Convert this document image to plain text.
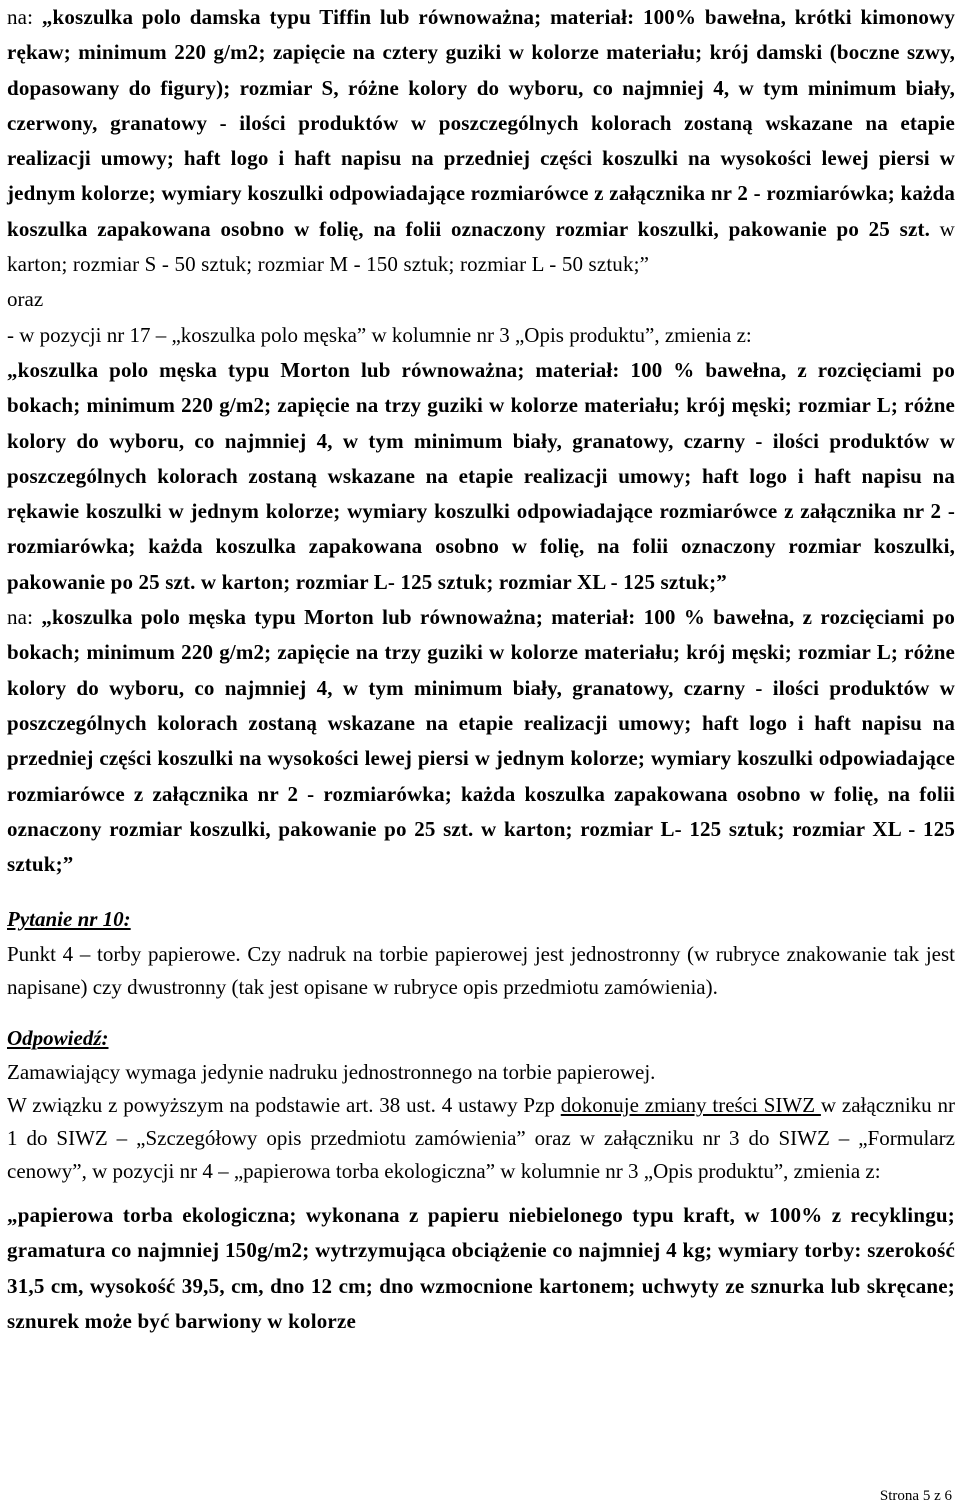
na: „koszulka polo damska typu Tiffin lub równoważna; materiał: 100% bawełna, krótki kimonowy rękaw; minimum 220 g/m2; zapięcie na cztery guziki w kolorze materiału; krój damski (boczne szwy, dopasowany do figury); rozmiar S, różne kolory do wyboru, co najmniej 4, w tym minimum biały, czerwony, granatowy - ilości produktów w poszczególnych kolorach zostaną wskazane na etapie realizacji umowy; haft logo i haft napisu na przedniej części koszulki na wysokości lewej piersi w jednym kolorze; wymiary koszulki odpowiadające rozmiarówce z załącznika nr 2 - rozmiarówka; każda koszulka zapakowana osobno w folię, na folii oznaczony rozmiar koszulki, pakowanie po 25 szt. w karton; rozmiar S - 50 sztuk; rozmiar M - 150 sztuk; rozmiar L - 50 sztuk;”

oraz

- w pozycji nr 17 – „koszulka polo męska” w kolumnie nr 3 „Opis produktu”, zmienia z:

„koszulka polo męska typu Morton lub równoważna; materiał: 100 % bawełna, z rozcięciami po bokach; minimum 220 g/m2; zapięcie na trzy guziki w kolorze materiału; krój męski; rozmiar L; różne kolory do wyboru, co najmniej 4, w tym minimum biały, granatowy, czarny - ilości produktów w poszczególnych kolorach zostaną wskazane na etapie realizacji umowy; haft logo i haft napisu na rękawie koszulki w jednym kolorze; wymiary koszulki odpowiadające rozmiarówce z załącznika nr 2 - rozmiarówka; każda koszulka zapakowana osobno w folię, na folii oznaczony rozmiar koszulki, pakowanie po 25 szt. w karton; rozmiar L- 125 sztuk; rozmiar XL - 125 sztuk;”

na: „koszulka polo męska typu Morton lub równoważna; materiał: 100 % bawełna, z rozcięciami po bokach; minimum 220 g/m2; zapięcie na trzy guziki w kolorze materiału; krój męski; rozmiar L; różne kolory do wyboru, co najmniej 4, w tym minimum biały, granatowy, czarny - ilości produktów w poszczególnych kolorach zostaną wskazane na etapie realizacji umowy; haft logo i haft napisu na przedniej części koszulki na wysokości lewej piersi w jednym kolorze; wymiary koszulki odpowiadające rozmiarówce z załącznika nr 2 - rozmiarówka; każda koszulka zapakowana osobno w folię, na folii oznaczony rozmiar koszulki, pakowanie po 25 szt. w karton; rozmiar L- 125 sztuk; rozmiar XL - 125 sztuk;”

Pytanie nr 10:

Punkt 4 – torby papierowe. Czy nadruk na torbie papierowej jest jednostronny (w rubryce znakowanie tak jest napisane) czy dwustronny (tak jest opisane w rubryce opis przedmiotu zamówienia).

Odpowiedź:

Zamawiający wymaga jedynie nadruku jednostronnego na torbie papierowej.

W związku z powyższym na podstawie art. 38 ust. 4 ustawy Pzp dokonuje zmiany treści SIWZ w załączniku nr 1 do SIWZ – „Szczegółowy opis przedmiotu zamówienia” oraz w załączniku nr 3 do SIWZ – „Formularz cenowy”, w pozycji nr 4 – „papierowa torba ekologiczna” w kolumnie nr 3 „Opis produktu”, zmienia z:

„papierowa torba ekologiczna; wykonana z papieru niebielonego typu kraft, w 100% z recyklingu; gramatura co najmniej 150g/m2; wytrzymująca obciążenie co najmniej 4 kg; wymiary torby: szerokość 31,5 cm, wysokość 39,5, cm, dno 12 cm; dno wzmocnione kartonem; uchwyty ze sznurka lub skręcane; sznurek może być barwiony w kolorze

Strona 5 z 6
